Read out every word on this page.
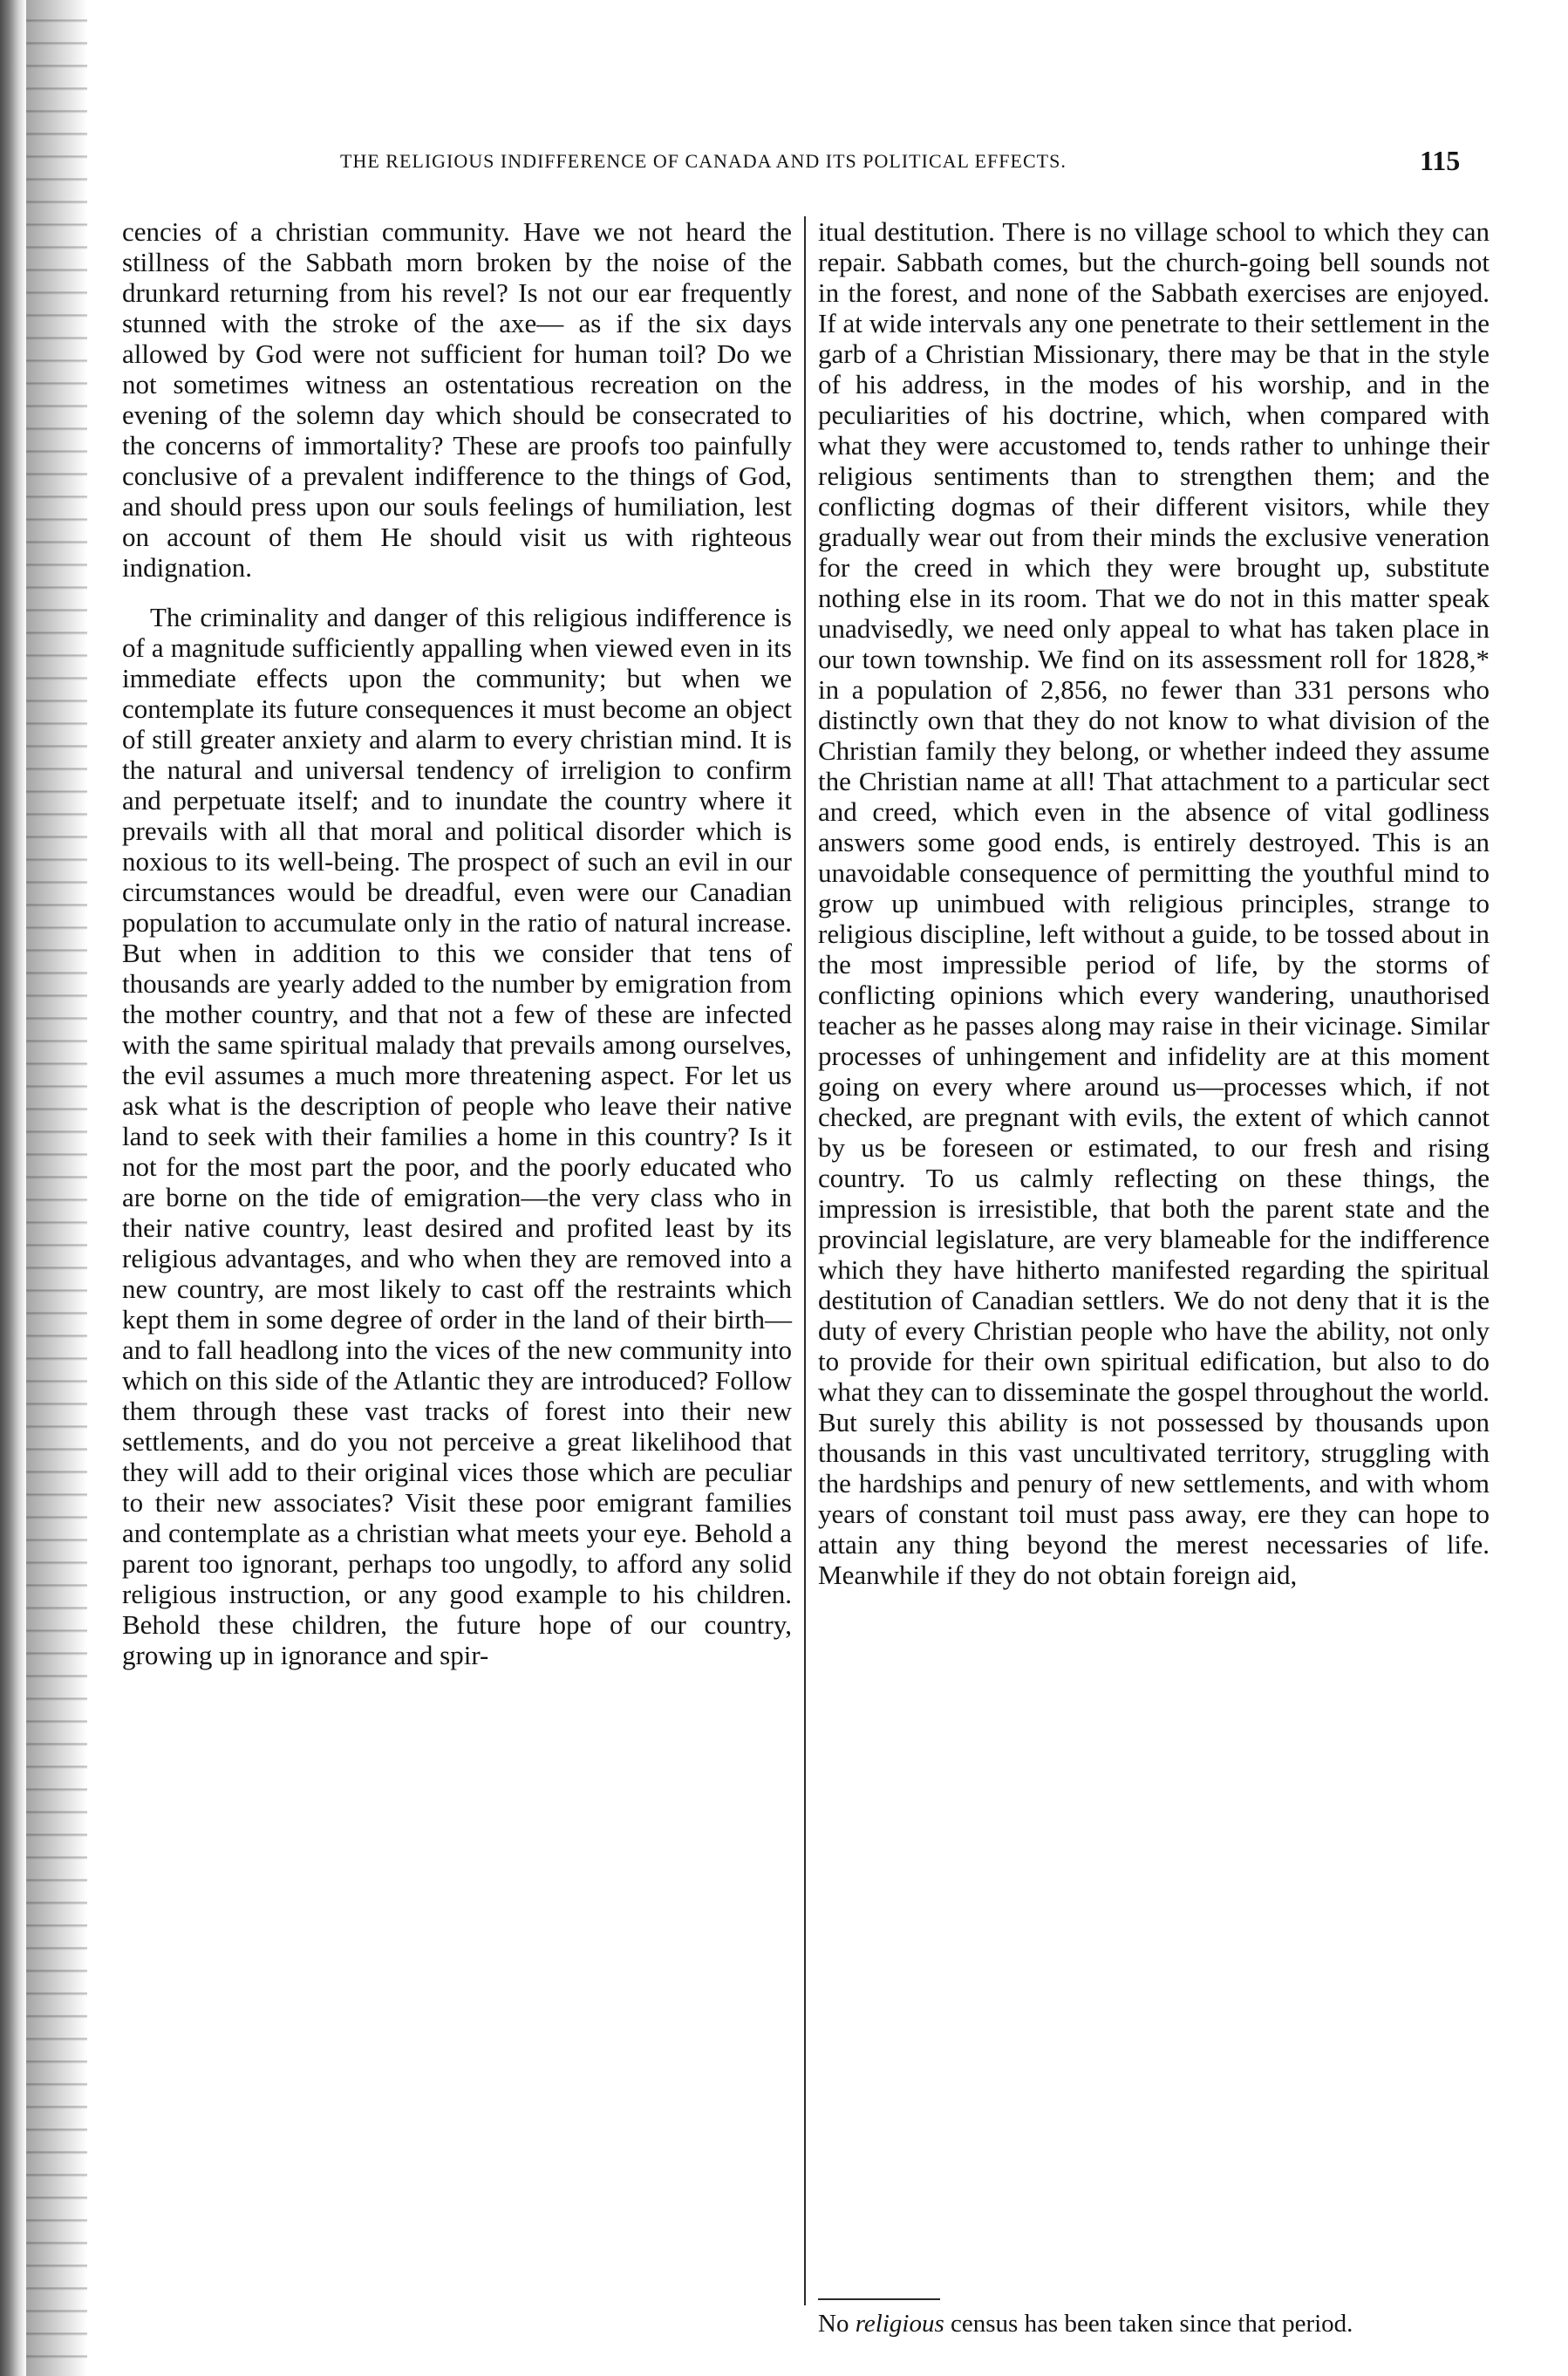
THE RELIGIOUS INDIFFERENCE OF CANADA AND ITS POLITICAL EFFECTS.	115

cencies of a christian community. Have we not heard the stillness of the Sabbath morn broken by the noise of the drunkard returning from his revel? Is not our ear frequently stunned with the stroke of the axe— as if the six days allowed by God were not sufficient for human toil? Do we not sometimes witness an ostentatious recreation on the evening of the solemn day which should be consecrated to the concerns of immortality? These are proofs too painfully conclusive of a prevalent indifference to the things of God, and should press upon our souls feelings of humiliation, lest on account of them He should visit us with righteous indignation.

The criminality and danger of this religious indifference is of a magnitude sufficiently appalling when viewed even in its immediate effects upon the community; but when we contemplate its future consequences it must become an object of still greater anxiety and alarm to every christian mind. It is the natural and universal tendency of irreligion to confirm and perpetuate itself; and to inundate the country where it prevails with all that moral and political disorder which is noxious to its well-being. The prospect of such an evil in our circumstances would be dreadful, even were our Canadian population to accumulate only in the ratio of natural increase. But when in addition to this we consider that tens of thousands are yearly added to the number by emigration from the mother country, and that not a few of these are infected with the same spiritual malady that prevails among ourselves, the evil assumes a much more threatening aspect. For let us ask what is the description of people who leave their native land to seek with their families a home in this country? Is it not for the most part the poor, and the poorly educated who are borne on the tide of emigration—the very class who in their native country, least desired and profited least by its religious advantages, and who when they are removed into a new country, are most likely to cast off the restraints which kept them in some degree of order in the land of their birth—and to fall headlong into the vices of the new community into which on this side of the Atlantic they are introduced? Follow them through these vast tracks of forest into their new settlements, and do you not perceive a great likelihood that they will add to their original vices those which are peculiar to their new associates? Visit these poor emigrant families and contemplate as a christian what meets your eye. Behold a parent too ignorant, perhaps too ungodly, to afford any solid religious instruction, or any good example to his children. Behold these children, the future hope of our country, growing up in ignorance and spir-

itual destitution. There is no village school to which they can repair. Sabbath comes, but the church-going bell sounds not in the forest, and none of the Sabbath exercises are enjoyed. If at wide intervals any one penetrate to their settlement in the garb of a Christian Missionary, there may be that in the style of his address, in the modes of his worship, and in the peculiarities of his doctrine, which, when compared with what they were accustomed to, tends rather to unhinge their religious sentiments than to strengthen them; and the conflicting dogmas of their different visitors, while they gradually wear out from their minds the exclusive veneration for the creed in which they were brought up, substitute nothing else in its room. That we do not in this matter speak unadvisedly, we need only appeal to what has taken place in our town township. We find on its assessment roll for 1828,* in a population of 2,856, no fewer than 331 persons who distinctly own that they do not know to what division of the Christian family they belong, or whether indeed they assume the Christian name at all! That attachment to a particular sect and creed, which even in the absence of vital godliness answers some good ends, is entirely destroyed. This is an unavoidable consequence of permitting the youthful mind to grow up unimbued with religious principles, strange to religious discipline, left without a guide, to be tossed about in the most impressible period of life, by the storms of conflicting opinions which every wandering, unauthorised teacher as he passes along may raise in their vicinage. Similar processes of unhingement and infidelity are at this moment going on every where around us—processes which, if not checked, are pregnant with evils, the extent of which cannot by us be foreseen or estimated, to our fresh and rising country. To us calmly reflecting on these things, the impression is irresistible, that both the parent state and the provincial legislature, are very blameable for the indifference which they have hitherto manifested regarding the spiritual destitution of Canadian settlers. We do not deny that it is the duty of every Christian people who have the ability, not only to provide for their own spiritual edification, but also to do what they can to disseminate the gospel throughout the world. But surely this ability is not possessed by thousands upon thousands in this vast uncultivated territory, struggling with the hardships and penury of new settlements, and with whom years of constant toil must pass away, ere they can hope to attain any thing beyond the merest necessaries of life. Meanwhile if they do not obtain foreign aid,

No religious census has been taken since that period.
